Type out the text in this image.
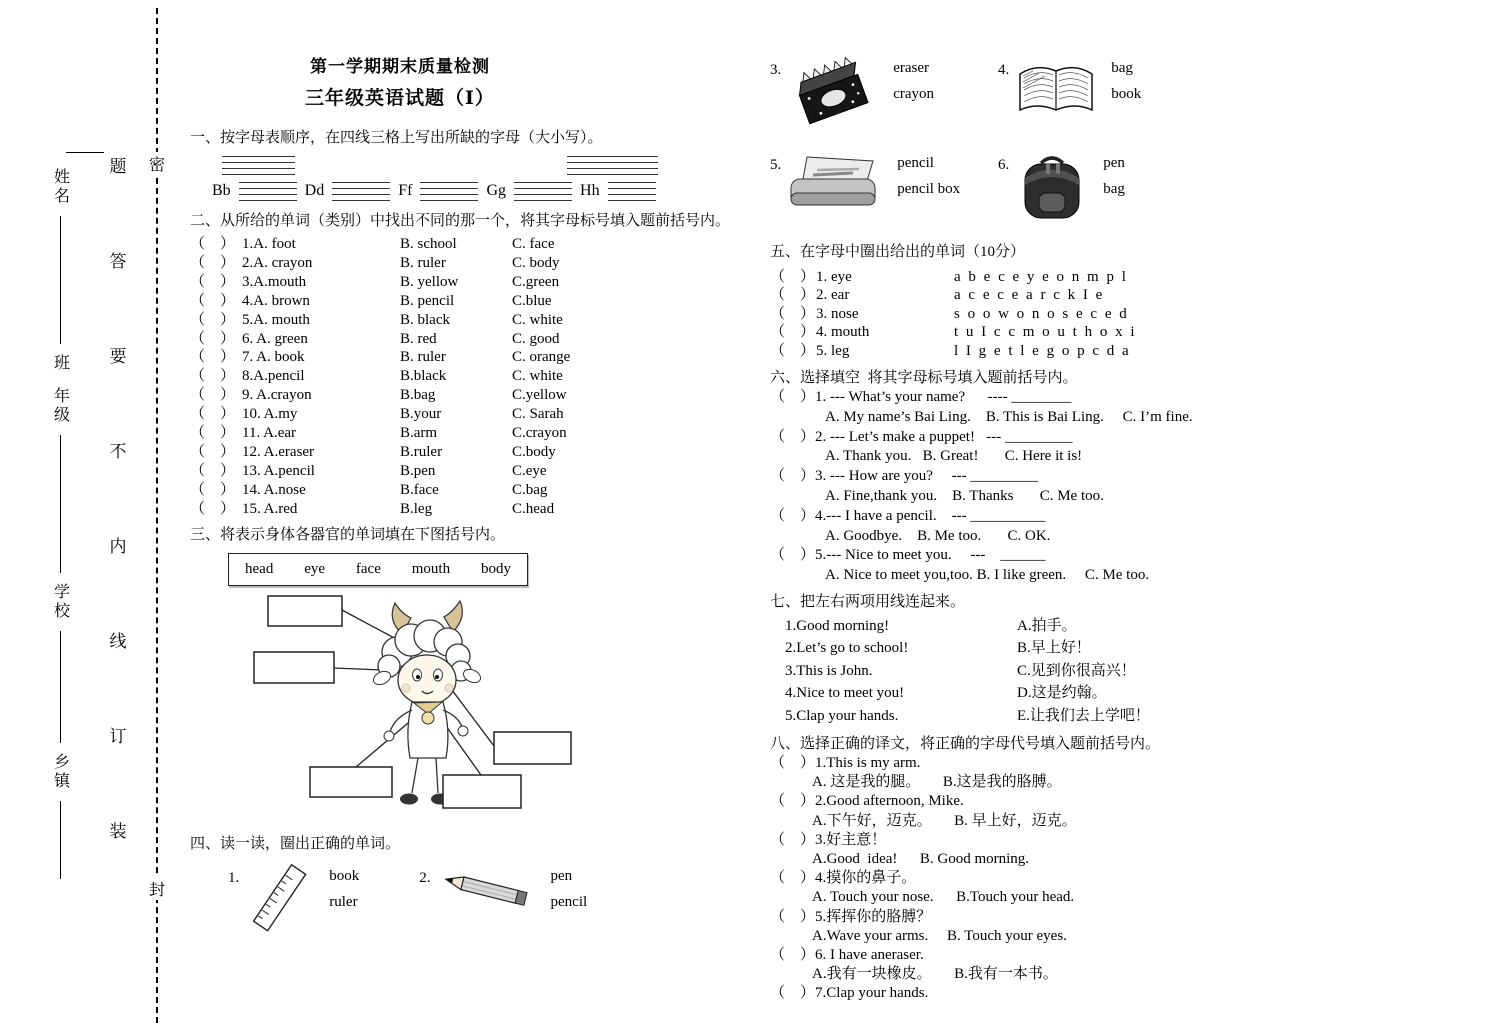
姓名
班
年级
学校
乡镇
题
答
要
不
内
线
订
装
密
封
第一学期期末质量检测
三年级英语试题（Ⅰ）
一、按字母表顺序，在四线三格上写出所缺的字母（大小写）。
Bb	Dd	Ff	Gg	Hh
二、从所给的单词（类别）中找出不同的那一个，将其字母标号填入题前括号内。
（　） 1.A. foot	B. school	C. face
（　） 2.A. crayon	B. ruler	C. body
（　） 3.A.mouth	B. yellow	C.green
（　） 4.A. brown	B. pencil	C.blue
（　） 5.A. mouth	B. black	C. white
（　） 6. A. green	B. red	C. good
（　） 7. A. book	B. ruler	C. orange
（　） 8.A.pencil	B.black	C. white
（　） 9. A.crayon	B.bag	C.yellow
（　） 10. A.my	B.your	C. Sarah
（　） 11. A.ear	B.arm	C.crayon
（　） 12. A.eraser	B.ruler	C.body
（　） 13. A.pencil	B.pen	C.eye
（　） 14. A.nose	B.face	C.bag
（　） 15. A.red	B.leg	C.head
三、将表示身体各器官的单词填在下图括号内。
head eye face mouth body
四、读一读，圈出正确的单词。
1.	book
ruler
2.	pen
pencil
3.	eraser
crayon
4.	bag
book
5.	pencil
pencil box
6.	pen
bag
五、在字母中圈出给出的单词（10分）
（　） 1. eye	a b e c e y e o n m p l
（　） 2. ear	a c e c e a r c k I e
（　） 3. nose	s o o w o n o s e c e d
（　） 4. mouth	t u I c c m o u t h o x i
（　） 5. leg	l I g e t l e g o p c d a
六、选择填空  将其字母标号填入题前括号内。
（　） 1. --- What’s your name?      ---- ________
A. My name’s Bai Ling.    B. This is Bai Ling.     C. I’m fine.
（　） 2. --- Let’s make a puppet!   --- _________
A. Thank you.   B. Great!       C. Here it is!
（　） 3. --- How are you?     --- _________
A. Fine,thank you.    B. Thanks       C. Me too.
（　） 4.--- I have a pencil.    --- __________
A. Goodbye.    B. Me too.       C. OK.
（　） 5.--- Nice to meet you.     ---    ______
A. Nice to meet you,too. B. I like green.     C. Me too.
七、把左右两项用线连起来。
1.Good morning!	A.拍手。
2.Let’s go to school!	B.早上好！
3.This is John.	C.见到你很高兴！
4.Nice to meet you!	D.这是约翰。
5.Clap your hands.	E.让我们去上学吧！
八、选择正确的译文，将正确的字母代号填入题前括号内。
（　） 1.This is my arm.
A. 这是我的腿。      B.这是我的胳膊。
（　） 2.Good afternoon, Mike.
A.下午好，迈克。      B. 早上好，迈克。
（　） 3.好主意！
A.Good  idea!      B. Good morning.
（　） 4.摸你的鼻子。
A. Touch your nose.      B.Touch your head.
（　） 5.挥挥你的胳膊？
A.Wave your arms.     B. Touch your eyes.
（　） 6. I have aneraser.
A.我有一块橡皮。      B.我有一本书。
（　） 7.Clap your hands.
